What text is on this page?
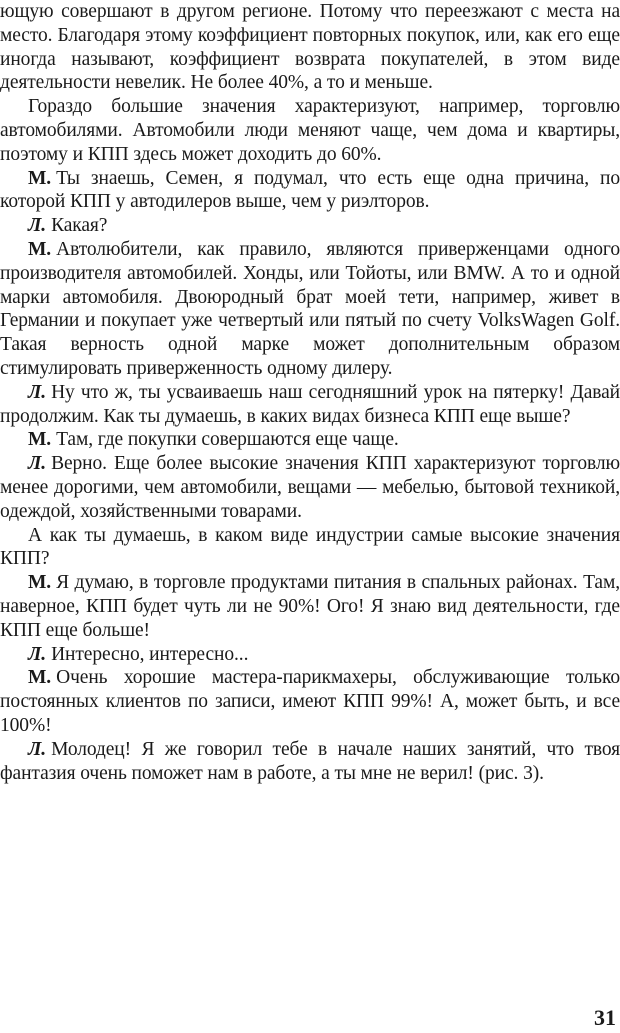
ющую совершают в другом регионе. Потому что переезжают с места на место. Благодаря этому коэффициент повторных покупок, или, как его еще иногда называют, коэффициент возврата покупателей, в этом виде деятельности невелик. Не более 40%, а то и меньше.

Гораздо большие значения характеризуют, например, торговлю автомобилями. Автомобили люди меняют чаще, чем дома и квартиры, поэтому и КПП здесь может доходить до 60%.

М. Ты знаешь, Семен, я подумал, что есть еще одна причина, по которой КПП у автодилеров выше, чем у риэлторов.

Л. Какая?

М. Автолюбители, как правило, являются приверженцами одного производителя автомобилей. Хонды, или Тойоты, или BMW. А то и одной марки автомобиля. Двоюродный брат моей тети, например, живет в Германии и покупает уже четвертый или пятый по счету VolksWagen Golf. Такая верность одной марке может дополнительным образом стимулировать приверженность одному дилеру.

Л. Ну что ж, ты усваиваешь наш сегодняшний урок на пятерку! Давай продолжим. Как ты думаешь, в каких видах бизнеса КПП еще выше?

М. Там, где покупки совершаются еще чаще.

Л. Верно. Еще более высокие значения КПП характеризуют торговлю менее дорогими, чем автомобили, вещами — мебелью, бытовой техникой, одеждой, хозяйственными товарами.

А как ты думаешь, в каком виде индустрии самые высокие значения КПП?

М. Я думаю, в торговле продуктами питания в спальных районах. Там, наверное, КПП будет чуть ли не 90%! Ого! Я знаю вид деятельности, где КПП еще больше!

Л. Интересно, интересно...

М. Очень хорошие мастера-парикмахеры, обслуживающие только постоянных клиентов по записи, имеют КПП 99%! А, может быть, и все 100%!

Л. Молодец! Я же говорил тебе в начале наших занятий, что твоя фантазия очень поможет нам в работе, а ты мне не верил! (рис. 3).

31
